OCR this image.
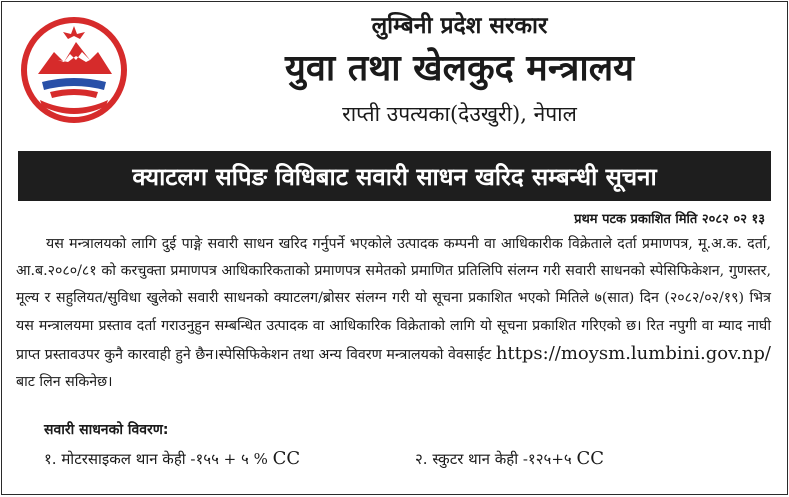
लुम्बिनी प्रदेश सरकार

युवा तथा खेलकुद मन्त्रालय

राप्ती उपत्यका(देउखुरी), नेपाल

क्याटलग सपिङ विधिबाट सवारी साधन खरिद सम्बन्धी सूचना
प्रथम पटक प्रकाशित मिति २०८२ ०२ १३

यस मन्त्रालयको लागि दुई पाङ्गे सवारी साधन खरिद गर्नुपर्ने भएकोले उत्पादक कम्पनी वा आधिकारीक विक्रेताले दर्ता प्रमाणपत्र, मू.अ.क. दर्ता, आ.ब.२०८०/८१ को करचुक्ता प्रमाणपत्र आधिकारिकताको प्रमाणपत्र समेतको प्रमाणित प्रतिलिपि संलग्न गरी सवारी साधनको स्पेसिफिकेशन, गुणस्तर, मूल्य र सहुलियत/सुविधा खुलेको सवारी साधनको क्याटलग/ब्रोसर संलग्न गरी यो सूचना प्रकाशित भएको मितिले ७(सात) दिन (२०८२/०२/१९) भित्र यस मन्त्रालयमा प्रस्ताव दर्ता गराउनुहुन सम्बन्धित उत्पादक वा आधिकारिक विक्रेताको लागि यो सूचना प्रकाशित गरिएको छ। रित नपुगी वा म्याद नाघी प्राप्त प्रस्तावउपर कुनै कारवाही हुने छैन।स्पेसिफिकेशन तथा अन्य विवरण मन्त्रालयको वेवसाईट https://moysm.lumbini.gov.np/ बाट लिन सकिनेछ।

सवारी साधनको विवरण:
१. मोटरसाइकल थान केही -१५५ + ५ % CC	२. स्कुटर थान केही -१२५+५ CC
